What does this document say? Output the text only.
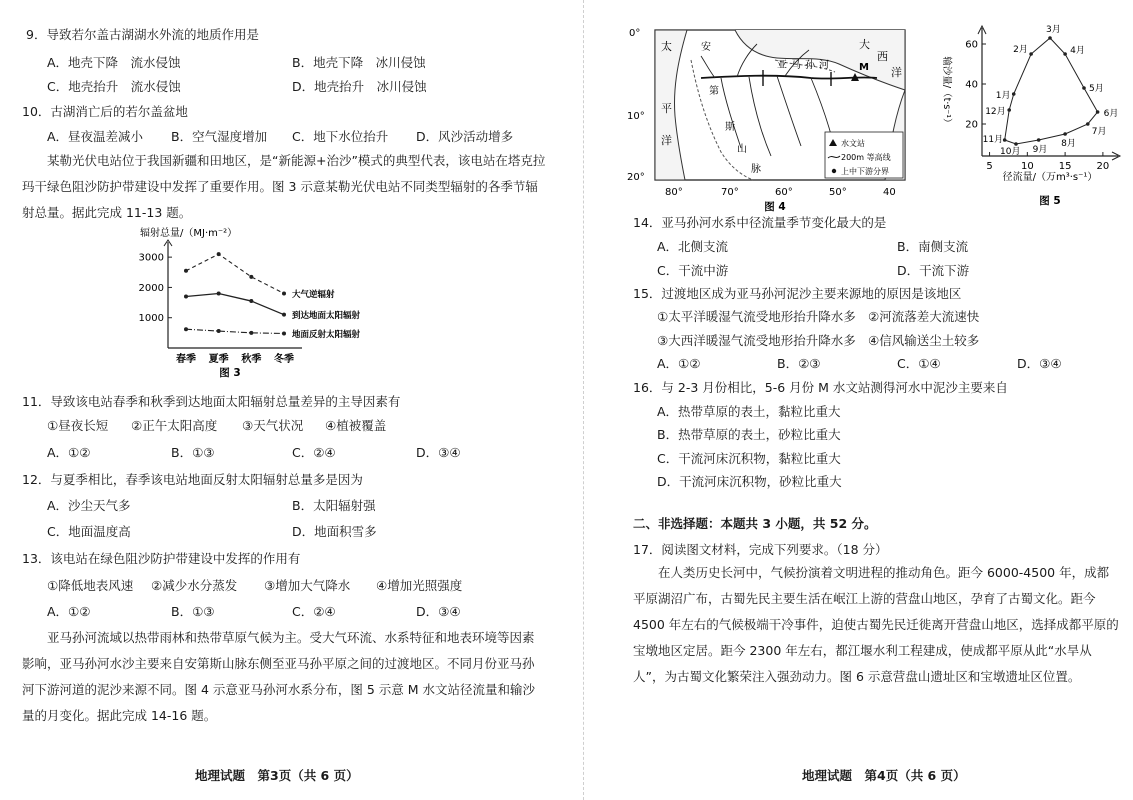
9．导致若尔盖古湖湖水外流的地质作用是
A．地壳下降　流水侵蚀	B．地壳下降　冰川侵蚀
C．地壳抬升　流水侵蚀	D．地壳抬升　冰川侵蚀
10．古湖消亡后的若尔盖盆地
A．昼夜温差减小 B．空气湿度增加 C．地下水位抬升 D．风沙活动增多
某勒光伏电站位于我国新疆和田地区，是“新能源+治沙”模式的典型代表，该电站在塔克拉玛干绿色阻沙防护带建设中发挥了重要作用。图 3 示意某勒光伏电站不同类型辐射的各季节辐射总量。据此完成 11-13 题。
辐射总量/（MJ·m⁻²）
3000
2000
1000
春季 夏季 秋季 冬季
大气逆辐射
到达地面太阳辐射
地面反射太阳辐射
图 3
11．导致该电站春季和秋季到达地面太阳辐射总量差异的主导因素有
①昼夜长短 ②正午太阳高度 ③天气状况 ④植被覆盖
A．①②	B．①③	C．②④	D．③④
12．与夏季相比，春季该电站地面反射太阳辐射总量多是因为
A．沙尘天气多	B．太阳辐射强
C．地面温度高	D．地面积雪多
13．该电站在绿色阻沙防护带建设中发挥的作用有
①降低地表风速 ②减少水分蒸发 ③增加大气降水 ④增加光照强度
A．①②	B．①③	C．②④	D．③④
亚马孙河流域以热带雨林和热带草原气候为主。受大气环流、水系特征和地表环境等因素影响，亚马孙河水沙主要来自安第斯山脉东侧至亚马孙平原之间的过渡地区。不同月份亚马孙河下游河道的泥沙来源不同。图 4 示意亚马孙河水系分布，图 5 示意 M 水文站径流量和输沙量的月变化。据此完成 14-16 题。
地理试题　第3页（共 6 页）
太
平
洋
安
第
斯
山
脉
亚 马 孙 河
大
西
洋
M
水文站
200m 等高线
上中下游分界
0°
10°
20°
80°	70°	60°	50°	40
图 4
输沙量/（t·s⁻¹）
60
40
20
5	10	15	20
1月
2月
3月
4月
5月
6月
7月
8月
9月
10月
11月
12月
径流量/（万m³·s⁻¹）
图 5
14．亚马孙河水系中径流量季节变化最大的是
A．北侧支流	B．南侧支流
C．干流中游	D．干流下游
15．过渡地区成为亚马孙河泥沙主要来源地的原因是该地区
①太平洋暖湿气流受地形抬升降水多 ②河流落差大流速快
③大西洋暖湿气流受地形抬升降水多 ④信风输送尘土较多
A．①②	B．②③	C．①④	D．③④
16．与 2-3 月份相比，5-6 月份 M 水文站测得河水中泥沙主要来自
A．热带草原的表土，黏粒比重大
B．热带草原的表土，砂粒比重大
C．干流河床沉积物，黏粒比重大
D．干流河床沉积物，砂粒比重大
二、非选择题：本题共 3 小题，共 52 分。
17．阅读图文材料，完成下列要求。（18 分）
在人类历史长河中，气候扮演着文明进程的推动角色。距今 6000-4500 年，成都平原湖沼广布，古蜀先民主要生活在岷江上游的营盘山地区，孕育了古蜀文化。距今 4500 年左右的气候极端干冷事件，迫使古蜀先民迁徙离开营盘山地区，选择成都平原的宝墩地区定居。距今 2300 年左右，都江堰水利工程建成，使成都平原从此“水旱从人”，为古蜀文化繁荣注入强劲动力。图 6 示意营盘山遗址区和宝墩遗址区位置。
地理试题　第4页（共 6 页）
